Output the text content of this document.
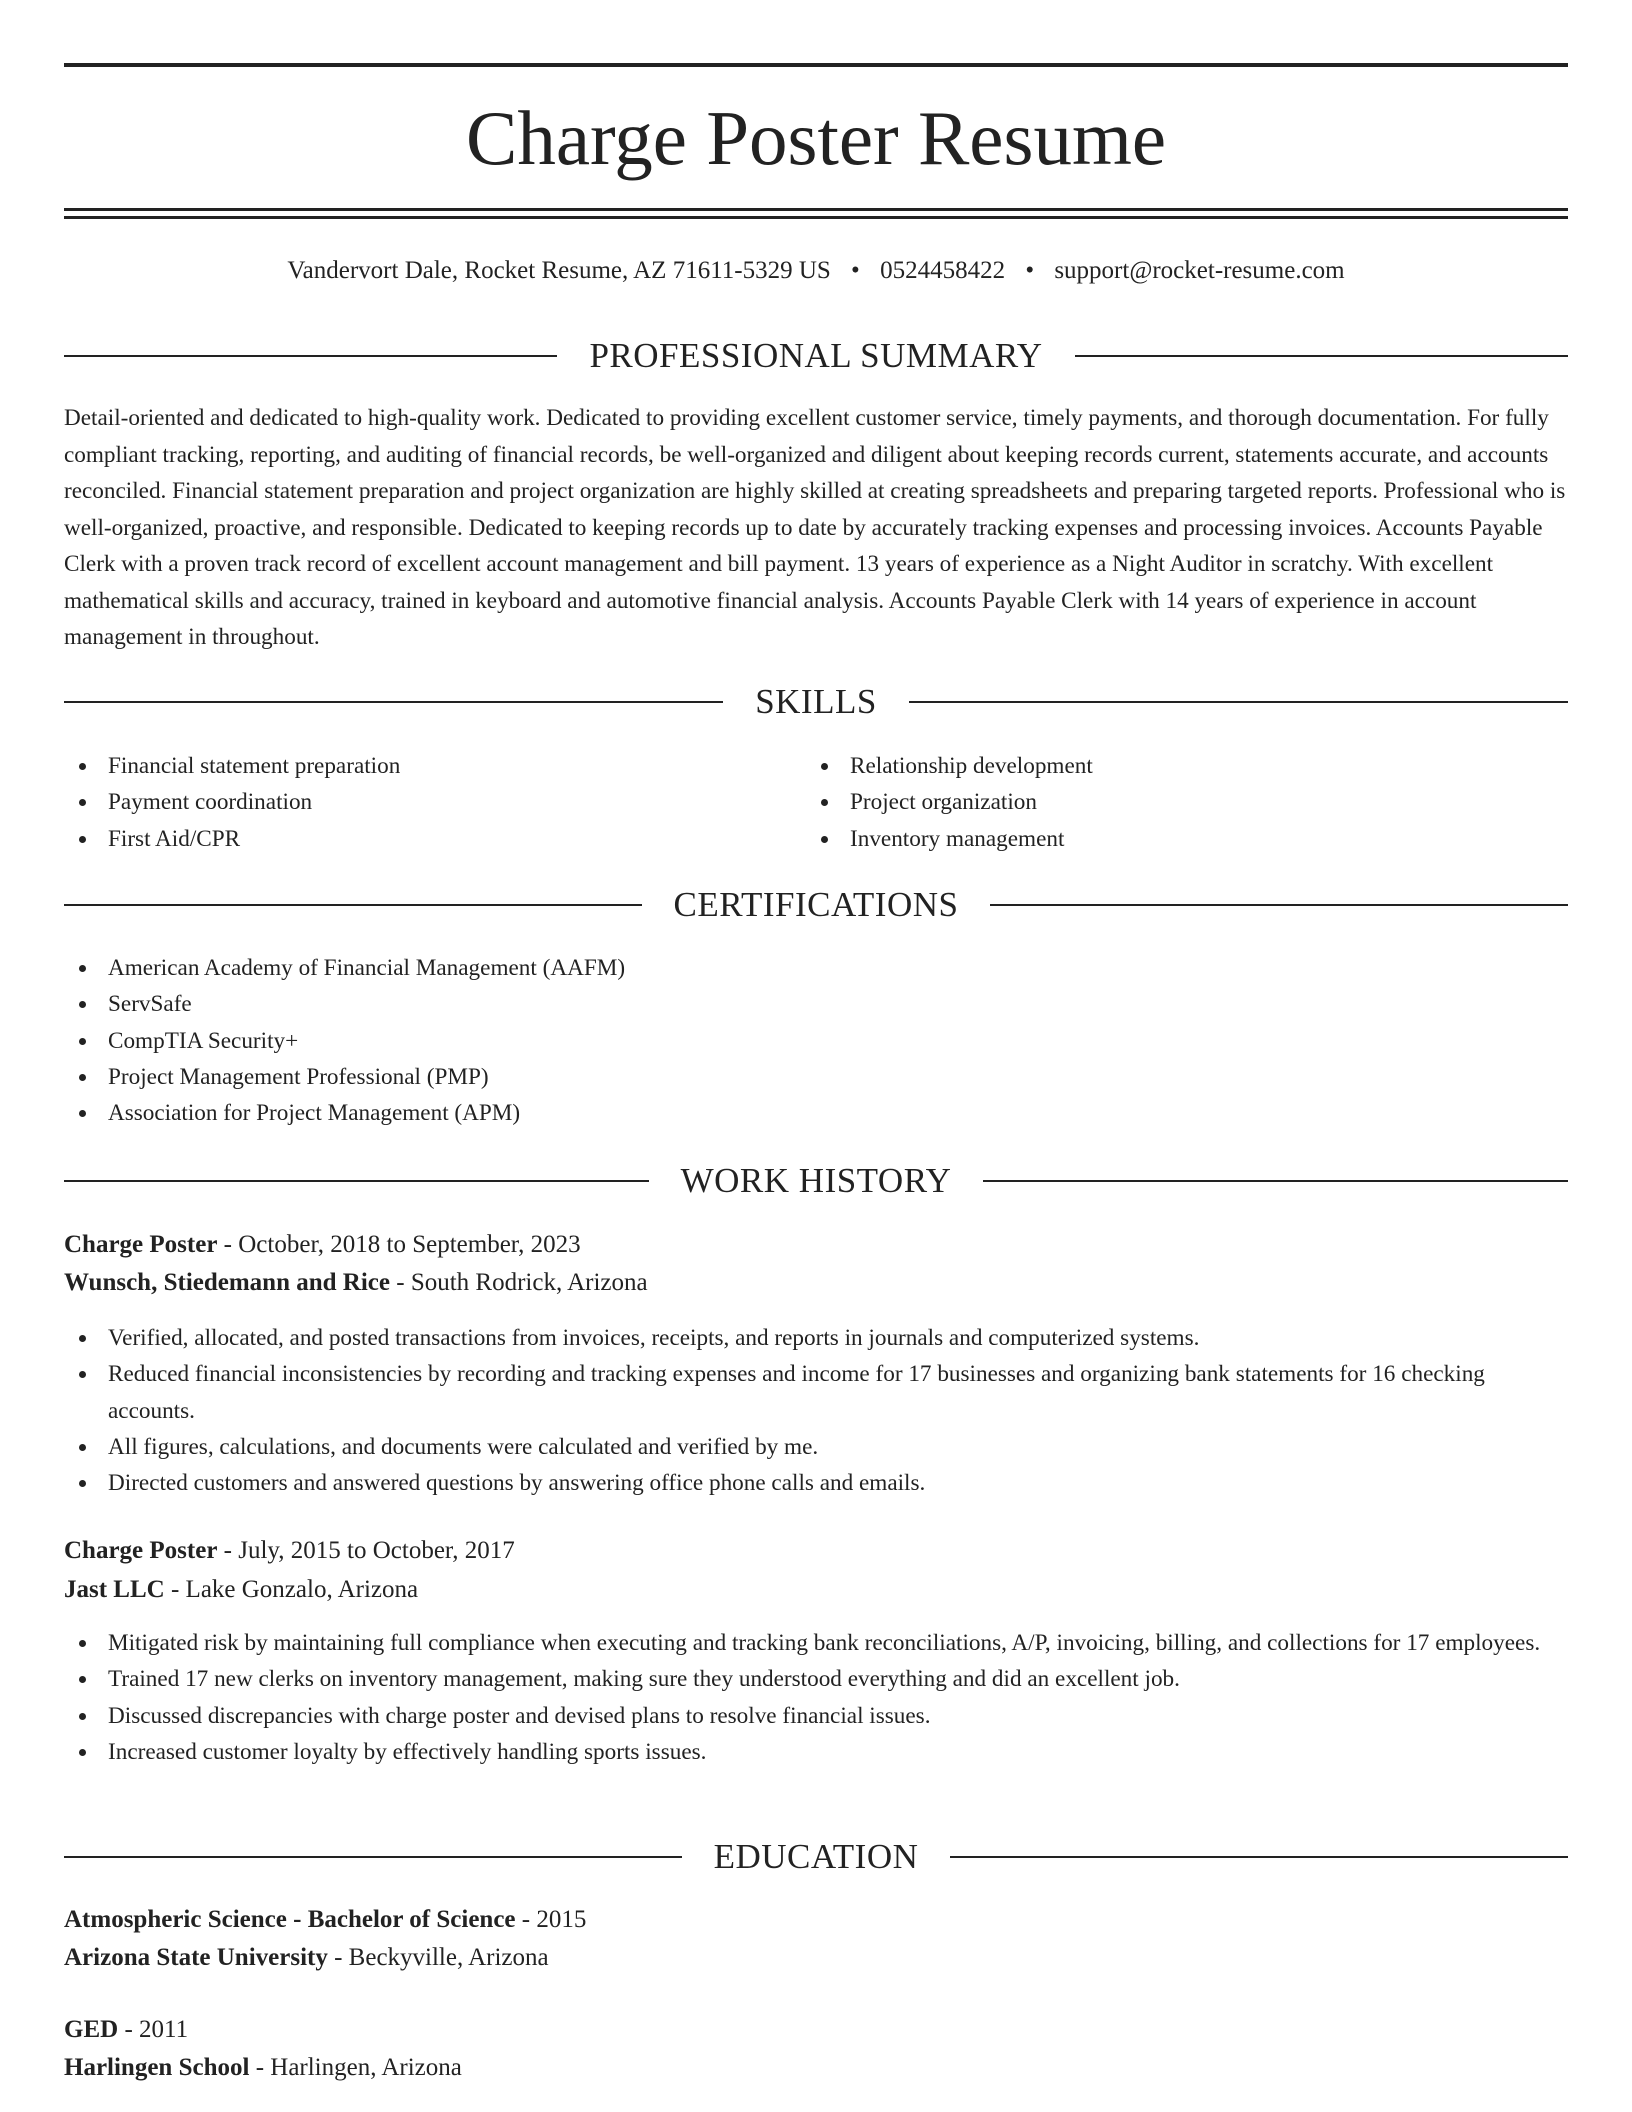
Charge Poster Resume
Vandervort Dale, Rocket Resume, AZ 71611-5329 US • 0524458422 • support@rocket-resume.com
PROFESSIONAL SUMMARY

Detail-oriented and dedicated to high-quality work. Dedicated to providing excellent customer service, timely payments, and thorough documentation. For fully compliant tracking, reporting, and auditing of financial records, be well-organized and diligent about keeping records current, statements accurate, and accounts reconciled. Financial statement preparation and project organization are highly skilled at creating spreadsheets and preparing targeted reports. Professional who is well-organized, proactive, and responsible. Dedicated to keeping records up to date by accurately tracking expenses and processing invoices. Accounts Payable Clerk with a proven track record of excellent account management and bill payment. 13 years of experience as a Night Auditor in scratchy. With excellent mathematical skills and accuracy, trained in keyboard and automotive financial analysis. Accounts Payable Clerk with 14 years of experience in account management in throughout.

SKILLS
Financial statement preparation
Payment coordination
First Aid/CPR
Relationship development
Project organization
Inventory management
CERTIFICATIONS
American Academy of Financial Management (AAFM)
ServSafe
CompTIA Security+
Project Management Professional (PMP)
Association for Project Management (APM)
WORK HISTORY
Charge Poster - October, 2018 to September, 2023
Wunsch, Stiedemann and Rice - South Rodrick, Arizona
Verified, allocated, and posted transactions from invoices, receipts, and reports in journals and computerized systems.
Reduced financial inconsistencies by recording and tracking expenses and income for 17 businesses and organizing bank statements for 16 checking accounts.
All figures, calculations, and documents were calculated and verified by me.
Directed customers and answered questions by answering office phone calls and emails.
Charge Poster - July, 2015 to October, 2017
Jast LLC - Lake Gonzalo, Arizona
Mitigated risk by maintaining full compliance when executing and tracking bank reconciliations, A/P, invoicing, billing, and collections for 17 employees.
Trained 17 new clerks on inventory management, making sure they understood everything and did an excellent job.
Discussed discrepancies with charge poster and devised plans to resolve financial issues.
Increased customer loyalty by effectively handling sports issues.
EDUCATION
Atmospheric Science - Bachelor of Science - 2015
Arizona State University - Beckyville, Arizona
GED - 2011
Harlingen School - Harlingen, Arizona
